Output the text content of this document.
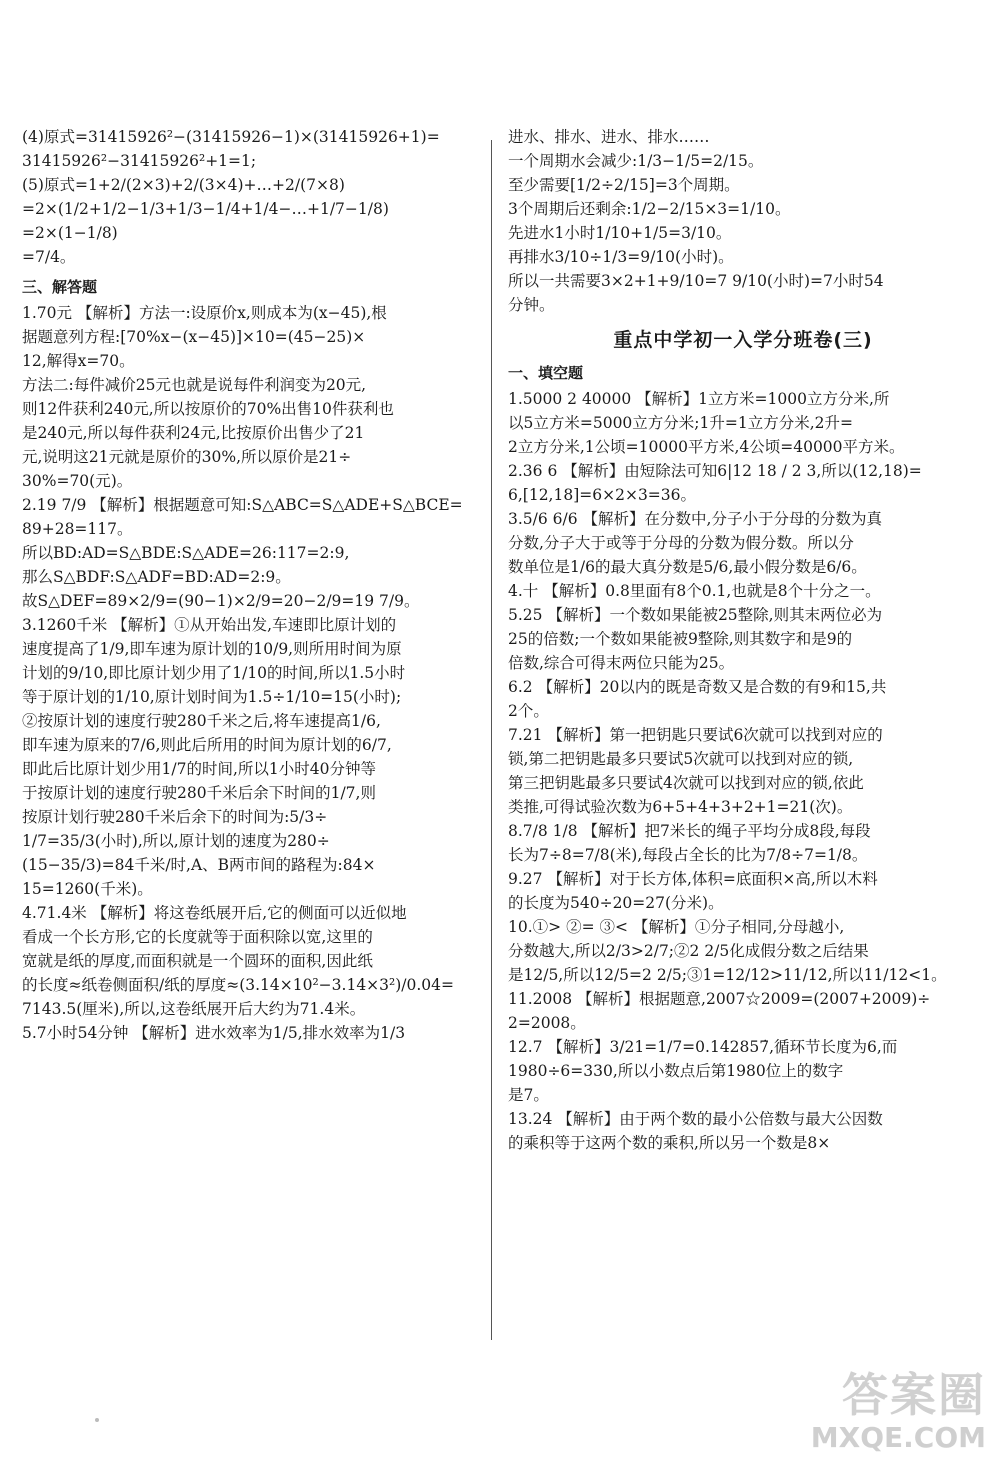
(4)原式=31415926²−(31415926−1)×(31415926+1)=

31415926²−31415926²+1=1;

(5)原式=1+2/(2×3)+2/(3×4)+…+2/(7×8)

=2×(1/2+1/2−1/3+1/3−1/4+1/4−…+1/7−1/8)

=2×(1−1/8)

=7/4。

三、解答题

1.70元 【解析】方法一:设原价x,则成本为(x−45),根

据题意列方程:[70%x−(x−45)]×10=(45−25)×

12,解得x=70。

方法二:每件减价25元也就是说每件利润变为20元,

则12件获利240元,所以按原价的70%出售10件获利也

是240元,所以每件获利24元,比按原价出售少了21

元,说明这21元就是原价的30%,所以原价是21÷

30%=70(元)。

2.19 7/9 【解析】根据题意可知:S△ABC=S△ADE+S△BCE=

89+28=117。

所以BD:AD=S△BDE:S△ADE=26:117=2:9,

那么S△BDF:S△ADF=BD:AD=2:9。

故S△DEF=89×2/9=(90−1)×2/9=20−2/9=19 7/9。

3.1260千米 【解析】①从开始出发,车速即比原计划的

速度提高了1/9,即车速为原计划的10/9,则所用时间为原

计划的9/10,即比原计划少用了1/10的时间,所以1.5小时

等于原计划的1/10,原计划时间为1.5÷1/10=15(小时);

②按原计划的速度行驶280千米之后,将车速提高1/6,

即车速为原来的7/6,则此后所用的时间为原计划的6/7,

即此后比原计划少用1/7的时间,所以1小时40分钟等

于按原计划的速度行驶280千米后余下时间的1/7,则

按原计划行驶280千米后余下的时间为:5/3÷

1/7=35/3(小时),所以,原计划的速度为280÷

(15−35/3)=84千米/时,A、B两市间的路程为:84×

15=1260(千米)。

4.71.4米 【解析】将这卷纸展开后,它的侧面可以近似地

看成一个长方形,它的长度就等于面积除以宽,这里的

宽就是纸的厚度,而面积就是一个圆环的面积,因此纸

的长度≈纸卷侧面积/纸的厚度≈(3.14×10²−3.14×3²)/0.04=

7143.5(厘米),所以,这卷纸展开后大约为71.4米。

5.7小时54分钟 【解析】进水效率为1/5,排水效率为1/3

进水、排水、进水、排水……

一个周期水会减少:1/3−1/5=2/15。

至少需要[1/2÷2/15]=3个周期。

3个周期后还剩余:1/2−2/15×3=1/10。

先进水1小时1/10+1/5=3/10。

再排水3/10÷1/3=9/10(小时)。

所以一共需要3×2+1+9/10=7 9/10(小时)=7小时54

分钟。

重点中学初一入学分班卷(三)
一、填空题

1.5000 2 40000 【解析】1立方米=1000立方分米,所

以5立方米=5000立方分米;1升=1立方分米,2升=

2立方分米,1公顷=10000平方米,4公顷=40000平方米。

2.36 6 【解析】由短除法可知6|12 18 / 2 3,所以(12,18)=

6,[12,18]=6×2×3=36。

3.5/6 6/6 【解析】在分数中,分子小于分母的分数为真

分数,分子大于或等于分母的分数为假分数。所以分

数单位是1/6的最大真分数是5/6,最小假分数是6/6。

4.十 【解析】0.8里面有8个0.1,也就是8个十分之一。

5.25 【解析】一个数如果能被25整除,则其末两位必为

25的倍数;一个数如果能被9整除,则其数字和是9的

倍数,综合可得末两位只能为25。

6.2 【解析】20以内的既是奇数又是合数的有9和15,共

2个。

7.21 【解析】第一把钥匙只要试6次就可以找到对应的

锁,第二把钥匙最多只要试5次就可以找到对应的锁,

第三把钥匙最多只要试4次就可以找到对应的锁,依此

类推,可得试验次数为6+5+4+3+2+1=21(次)。

8.7/8 1/8 【解析】把7米长的绳子平均分成8段,每段

长为7÷8=7/8(米),每段占全长的比为7/8÷7=1/8。

9.27 【解析】对于长方体,体积=底面积×高,所以木料

的长度为540÷20=27(分米)。

10.①> ②= ③< 【解析】①分子相同,分母越小,

分数越大,所以2/3>2/7;②2 2/5化成假分数之后结果

是12/5,所以12/5=2 2/5;③1=12/12>11/12,所以11/12<1。

11.2008 【解析】根据题意,2007☆2009=(2007+2009)÷

2=2008。

12.7 【解析】3/21=1/7=0.142857̇,循环节长度为6,而

1980÷6=330,所以小数点后第1980位上的数字

是7。

13.24 【解析】由于两个数的最小公倍数与最大公因数

的乘积等于这两个数的乘积,所以另一个数是8×

答案圈
MXQE.COM
